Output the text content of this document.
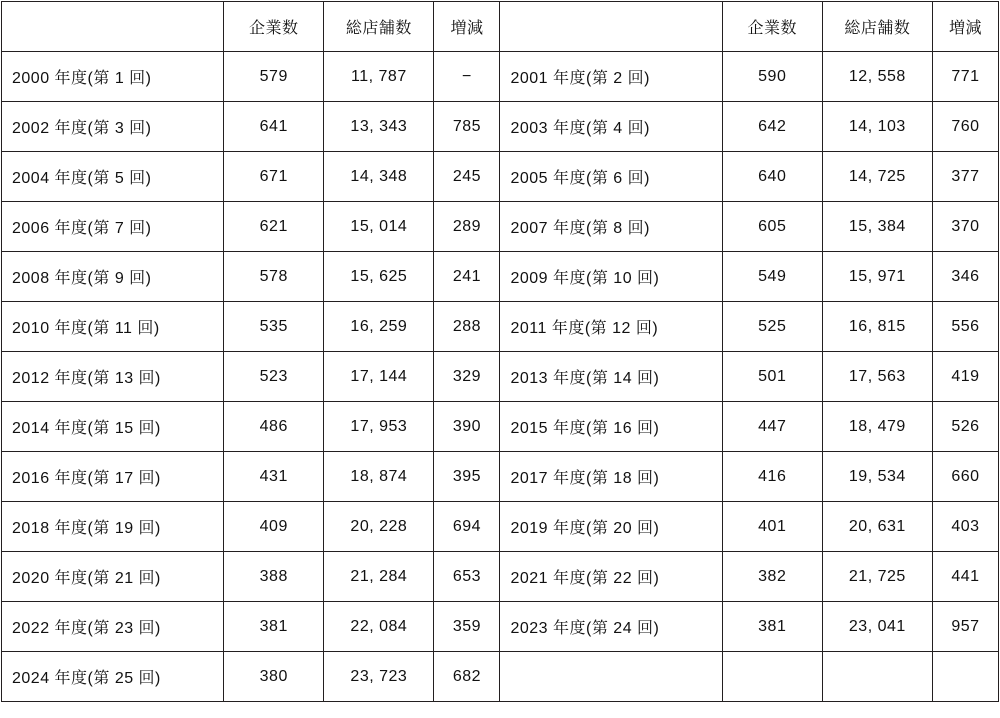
	企業数	総店舗数	増減		企業数	総店舗数	増減
2000 年度(第 1 回)	579	11, 787	−	2001 年度(第 2 回)	590	12, 558	771
2002 年度(第 3 回)	641	13, 343	785	2003 年度(第 4 回)	642	14, 103	760
2004 年度(第 5 回)	671	14, 348	245	2005 年度(第 6 回)	640	14, 725	377
2006 年度(第 7 回)	621	15, 014	289	2007 年度(第 8 回)	605	15, 384	370
2008 年度(第 9 回)	578	15, 625	241	2009 年度(第 10 回)	549	15, 971	346
2010 年度(第 11 回)	535	16, 259	288	2011 年度(第 12 回)	525	16, 815	556
2012 年度(第 13 回)	523	17, 144	329	2013 年度(第 14 回)	501	17, 563	419
2014 年度(第 15 回)	486	17, 953	390	2015 年度(第 16 回)	447	18, 479	526
2016 年度(第 17 回)	431	18, 874	395	2017 年度(第 18 回)	416	19, 534	660
2018 年度(第 19 回)	409	20, 228	694	2019 年度(第 20 回)	401	20, 631	403
2020 年度(第 21 回)	388	21, 284	653	2021 年度(第 22 回)	382	21, 725	441
2022 年度(第 23 回)	381	22, 084	359	2023 年度(第 24 回)	381	23, 041	957
2024 年度(第 25 回)	380	23, 723	682				
